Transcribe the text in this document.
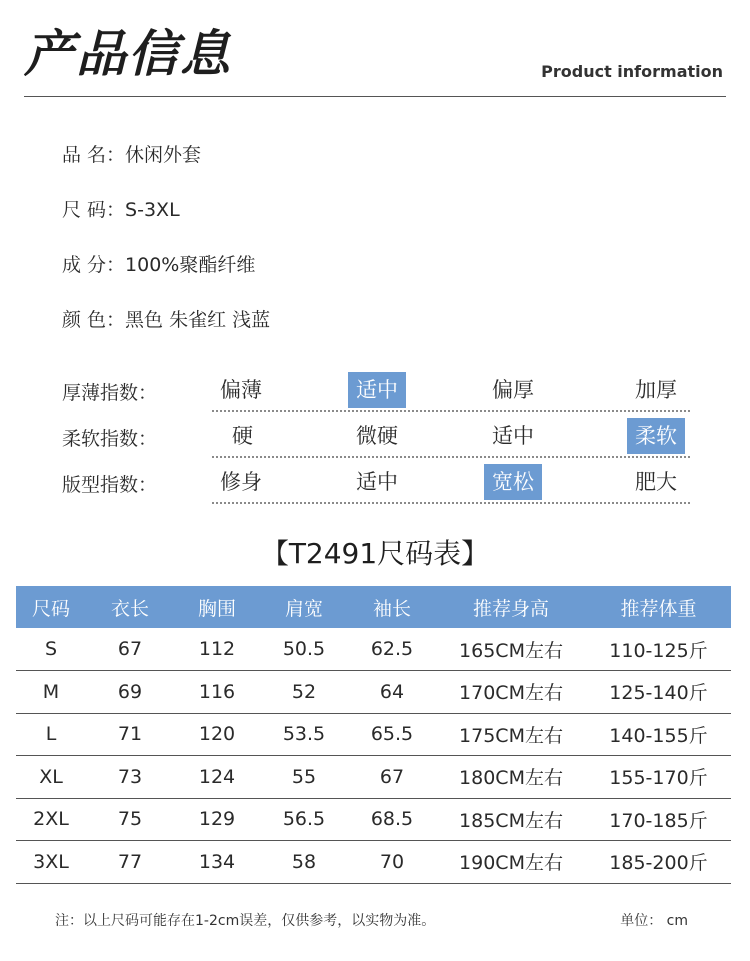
产品信息	Product information
品 名：休闲外套
尺 码：S-3XL
成 分：100%聚酯纤维
颜 色：黑色 朱雀红 浅蓝
厚薄指数：	偏薄	适中	偏厚	加厚
柔软指数：	硬	微硬	适中	柔软
版型指数：	修身	适中	宽松	肥大
【T2491尺码表】
尺码	衣长	胸围	肩宽	袖长	推荐身高	推荐体重
S	67	112	50.5	62.5	165CM左右	110-125斤
M	69	116	52	64	170CM左右	125-140斤
L	71	120	53.5	65.5	175CM左右	140-155斤
XL	73	124	55	67	180CM左右	155-170斤
2XL	75	129	56.5	68.5	185CM左右	170-185斤
3XL	77	134	58	70	190CM左右	185-200斤
注：以上尺码可能存在1-2cm误差，仅供参考，以实物为准。	单位： cm
